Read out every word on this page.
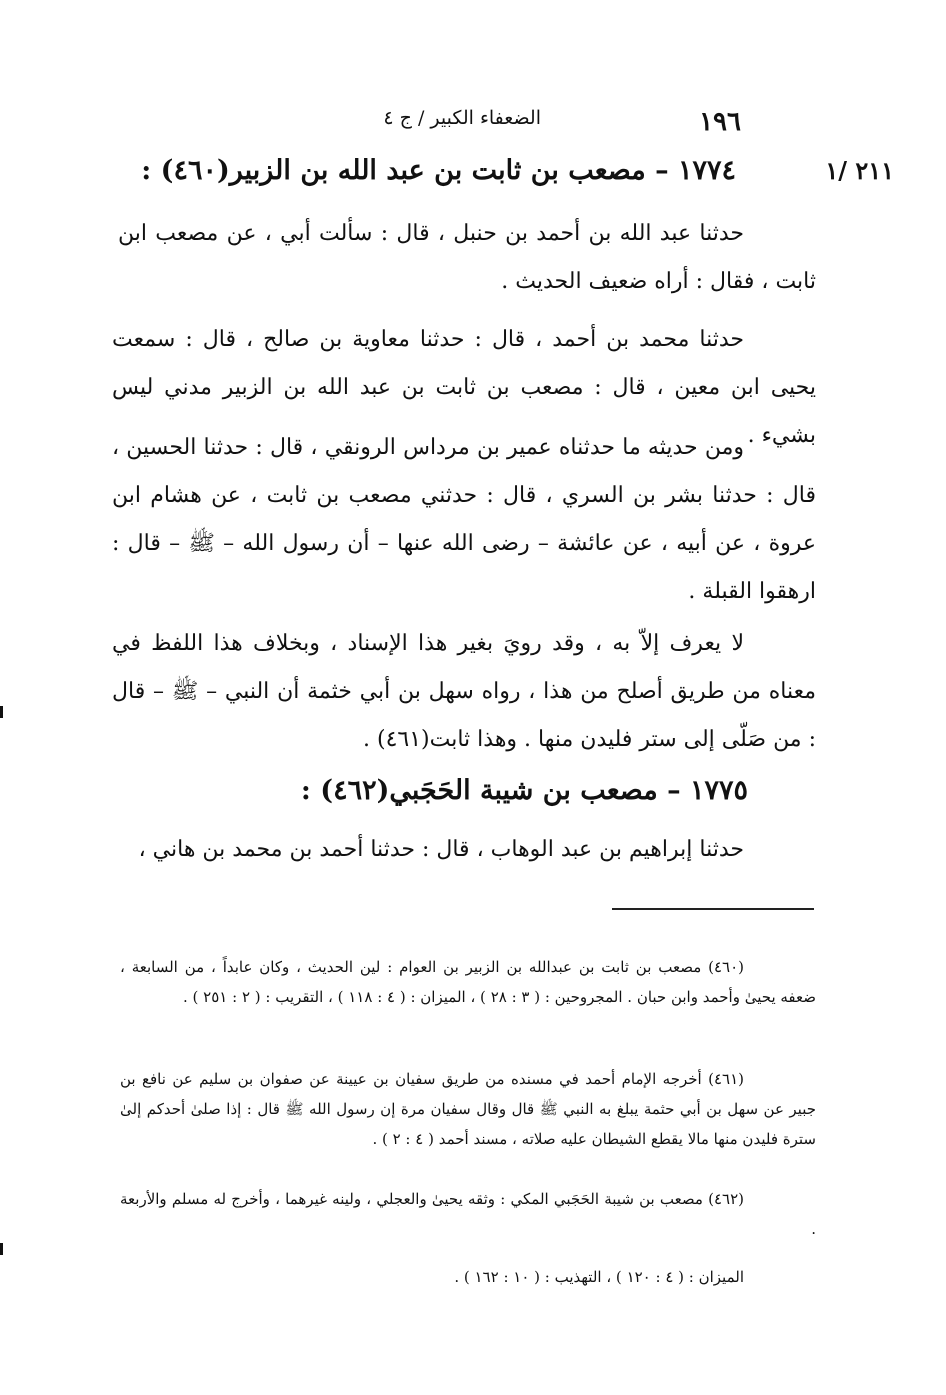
١٩٦
الضعفاء الكبير / ج ٤
٢١١ /١
١٧٧٤ – مصعب بن ثابت بن عبد الله بن الزبير(٤٦٠) :
حدثنا عبد الله بن أحمد بن حنبل ، قال : سألت أبي ، عن مصعب ابن ثابت ، فقال : أراه ضعيف الحديث .
حدثنا محمد بن أحمد ، قال : حدثنا معاوية بن صالح ، قال : سمعت يحيى ابن معين ، قال : مصعب بن ثابت بن عبد الله بن الزبير مدني ليس بشيء .
ومن حديثه ما حدثناه عمير بن مرداس الرونقي ، قال : حدثنا الحسين ، قال : حدثنا بشر بن السري ، قال : حدثني مصعب بن ثابت ، عن هشام ابن عروة ، عن أبيه ، عن عائشة – رضى الله عنها – أن رسول الله – ﷺ – قال : ارهقوا القبلة .
لا يعرف إلاّ به ، وقد رويَ بغير هذا الإسناد ، وبخلاف هذا اللفظ في معناه من طريق أصلح من هذا ، رواه سهل بن أبي خثمة أن النبي – ﷺ – قال : من صَلّى إلى ستر فليدن منها . وهذا ثابت(٤٦١) .
١٧٧٥ – مصعب بن شيبة الحَجَبي(٤٦٢) :
حدثنا إبراهيم بن عبد الوهاب ، قال : حدثنا أحمد بن محمد بن هاني ،
(٤٦٠) مصعب بن ثابت بن عبدالله بن الزبير بن العوام : لين الحديث ، وكان عابداً ، من السابعة ، ضعفه يحيىٰ وأحمد وابن حبان . المجروحين : ( ٣ : ٢٨ ) ، الميزان : ( ٤ : ١١٨ ) ، التقريب : ( ٢ : ٢٥١ ) .
(٤٦١) أخرجه الإمام أحمد في مسنده من طريق سفيان بن عيينة عن صفوان بن سليم عن نافع بن جبير عن سهل بن أبي حثمة يبلغ به النبي ﷺ قال وقال سفيان مرة إن رسول الله ﷺ قال : إذا صلىٰ أحدكم إلىٰ سترة فليدن منها مالا يقطع الشيطان عليه صلاته ، مسند أحمد ( ٤ : ٢ ) .
(٤٦٢) مصعب بن شيبة الحَجَبي المكي : وثقه يحيىٰ والعجلي ، ولينه غيرهما ، وأخرج له مسلم والأربعة .
الميزان : ( ٤ : ١٢٠ ) ، التهذيب : ( ١٠ : ١٦٢ ) .
